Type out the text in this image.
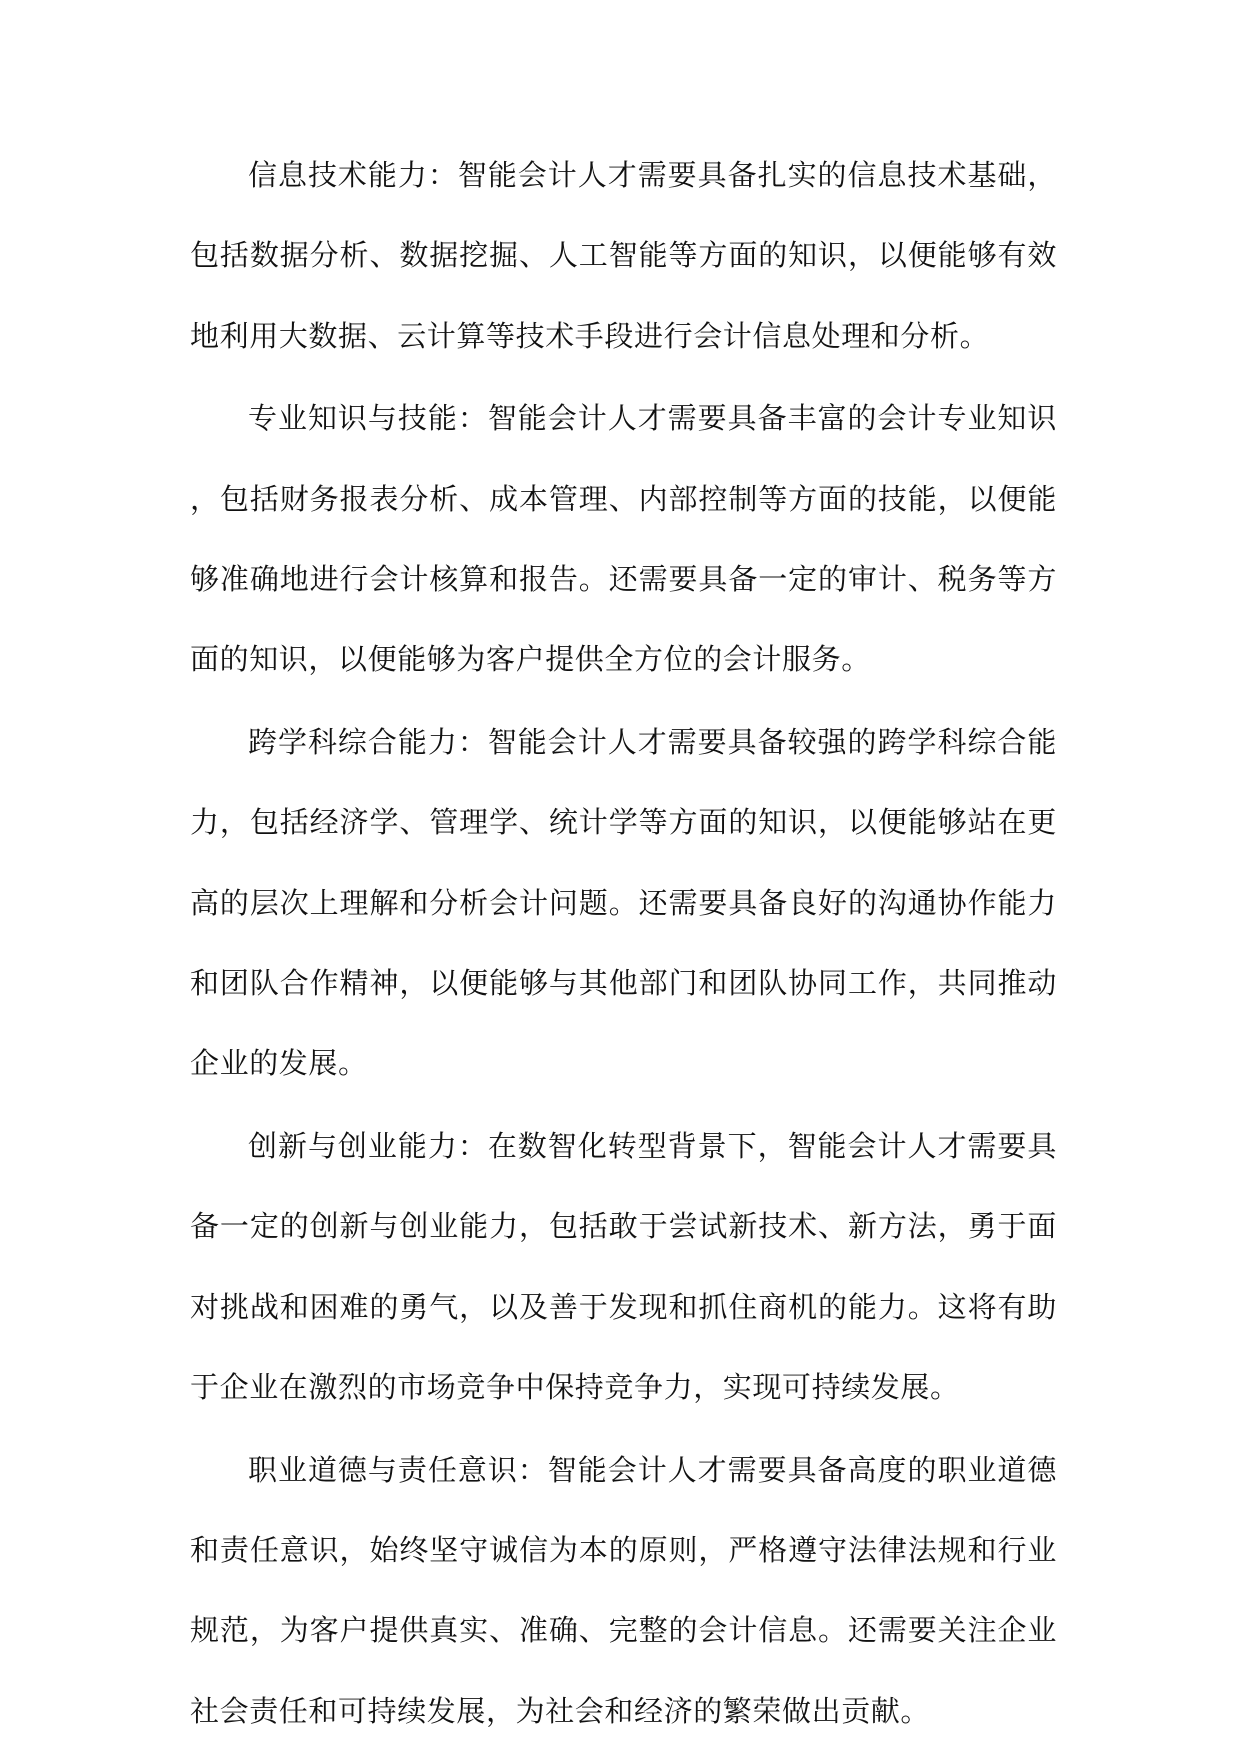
信息技术能力：智能会计人才需要具备扎实的信息技术基础，包括数据分析、数据挖掘、人工智能等方面的知识，以便能够有效地利用大数据、云计算等技术手段进行会计信息处理和分析。

专业知识与技能：智能会计人才需要具备丰富的会计专业知识，包括财务报表分析、成本管理、内部控制等方面的技能，以便能够准确地进行会计核算和报告。还需要具备一定的审计、税务等方面的知识，以便能够为客户提供全方位的会计服务。

跨学科综合能力：智能会计人才需要具备较强的跨学科综合能力，包括经济学、管理学、统计学等方面的知识，以便能够站在更高的层次上理解和分析会计问题。还需要具备良好的沟通协作能力和团队合作精神，以便能够与其他部门和团队协同工作，共同推动企业的发展。

创新与创业能力：在数智化转型背景下，智能会计人才需要具备一定的创新与创业能力，包括敢于尝试新技术、新方法，勇于面对挑战和困难的勇气，以及善于发现和抓住商机的能力。这将有助于企业在激烈的市场竞争中保持竞争力，实现可持续发展。

职业道德与责任意识：智能会计人才需要具备高度的职业道德和责任意识，始终坚守诚信为本的原则，严格遵守法律法规和行业规范，为客户提供真实、准确、完整的会计信息。还需要关注企业社会责任和可持续发展，为社会和经济的繁荣做出贡献。
